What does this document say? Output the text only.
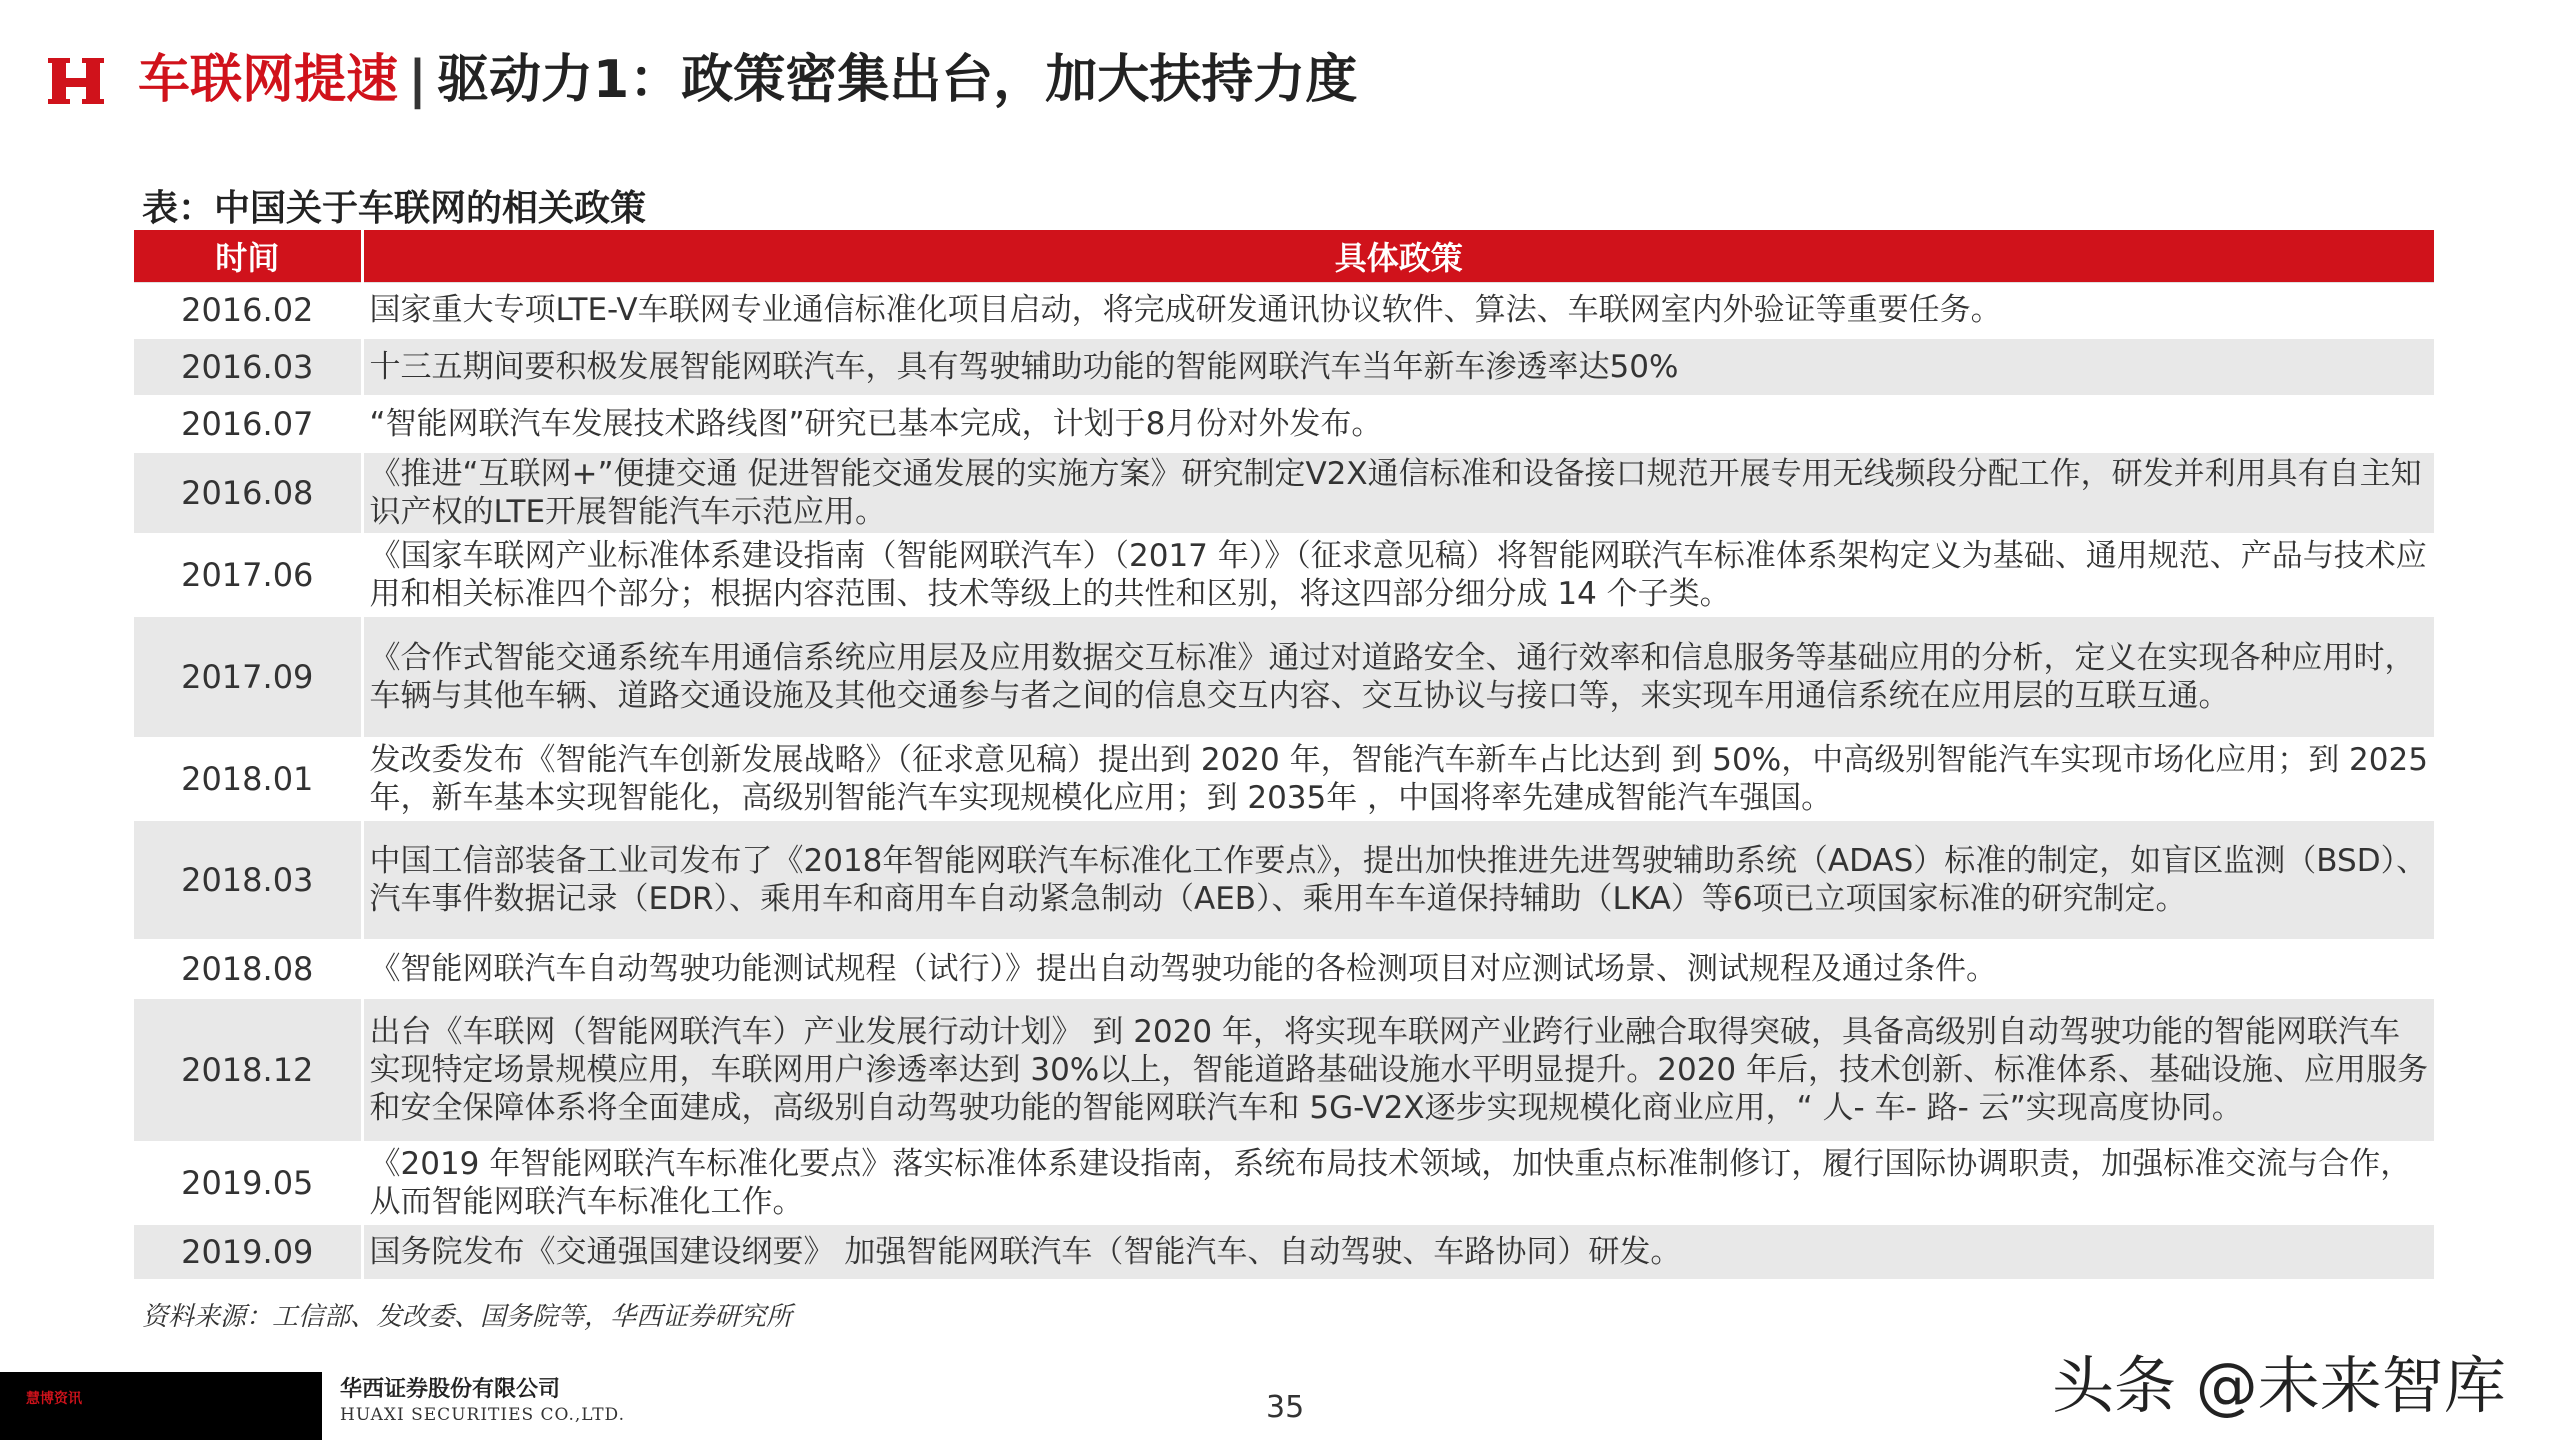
车联网提速 | 驱动力1：政策密集出台，加大扶持力度
表：中国关于车联网的相关政策
时间	具体政策
2016.02	国家重大专项LTE-V车联网专业通信标准化项目启动，将完成研发通讯协议软件、算法、车联网室内外验证等重要任务。
2016.03	十三五期间要积极发展智能网联汽车，具有驾驶辅助功能的智能网联汽车当年新车渗透率达50%
2016.07	“智能网联汽车发展技术路线图”研究已基本完成，计划于8月份对外发布。
2016.08	《推进“互联网+”便捷交通 促进智能交通发展的实施方案》研究制定V2X通信标准和设备接口规范开展专用无线频段分配工作，研发并利用具有自主知识产权的LTE开展智能汽车示范应用。
2017.06	《国家车联网产业标准体系建设指南（智能网联汽车）（2017 年）》（征求意见稿）将智能网联汽车标准体系架构定义为基础、通用规范、产品与技术应用和相关标准四个部分；根据内容范围、技术等级上的共性和区别，将这四部分细分成 14 个子类。
2017.09	《合作式智能交通系统车用通信系统应用层及应用数据交互标准》通过对道路安全、通行效率和信息服务等基础应用的分析，定义在实现各种应用时，车辆与其他车辆、道路交通设施及其他交通参与者之间的信息交互内容、交互协议与接口等，来实现车用通信系统在应用层的互联互通。
2018.01	发改委发布《智能汽车创新发展战略》（征求意见稿）提出到 2020 年，智能汽车新车占比达到 到 50%，中高级别智能汽车实现市场化应用；到 2025 年，新车基本实现智能化，高级别智能汽车实现规模化应用；到 2035年 ，中国将率先建成智能汽车强国。
2018.03	中国工信部装备工业司发布了《2018年智能网联汽车标准化工作要点》，提出加快推进先进驾驶辅助系统（ADAS）标准的制定，如盲区监测（BSD）、汽车事件数据记录（EDR）、乘用车和商用车自动紧急制动（AEB）、乘用车车道保持辅助（LKA）等6项已立项国家标准的研究制定。
2018.08	《智能网联汽车自动驾驶功能测试规程（试行）》提出自动驾驶功能的各检测项目对应测试场景、测试规程及通过条件。
2018.12	出台《车联网（智能网联汽车）产业发展行动计划》 到 2020 年，将实现车联网产业跨行业融合取得突破，具备高级别自动驾驶功能的智能网联汽车实现特定场景规模应用，车联网用户渗透率达到 30%以上，智能道路基础设施水平明显提升。2020 年后，技术创新、标准体系、基础设施、应用服务和安全保障体系将全面建成，高级别自动驾驶功能的智能网联汽车和 5G-V2X逐步实现规模化商业应用，“ 人- 车- 路- 云”实现高度协同。
2019.05	《2019 年智能网联汽车标准化要点》落实标准体系建设指南，系统布局技术领域，加快重点标准制修订，履行国际协调职责，加强标准交流与合作，从而智能网联汽车标准化工作。
2019.09	国务院发布《交通强国建设纲要》 加强智能网联汽车（智能汽车、自动驾驶、车路协同）研发。
资料来源：工信部、发改委、国务院等，华西证券研究所
慧博资讯	华西证券股份有限公司
HUAXI SECURITIES CO.,LTD.	35	头条 @未来智库
